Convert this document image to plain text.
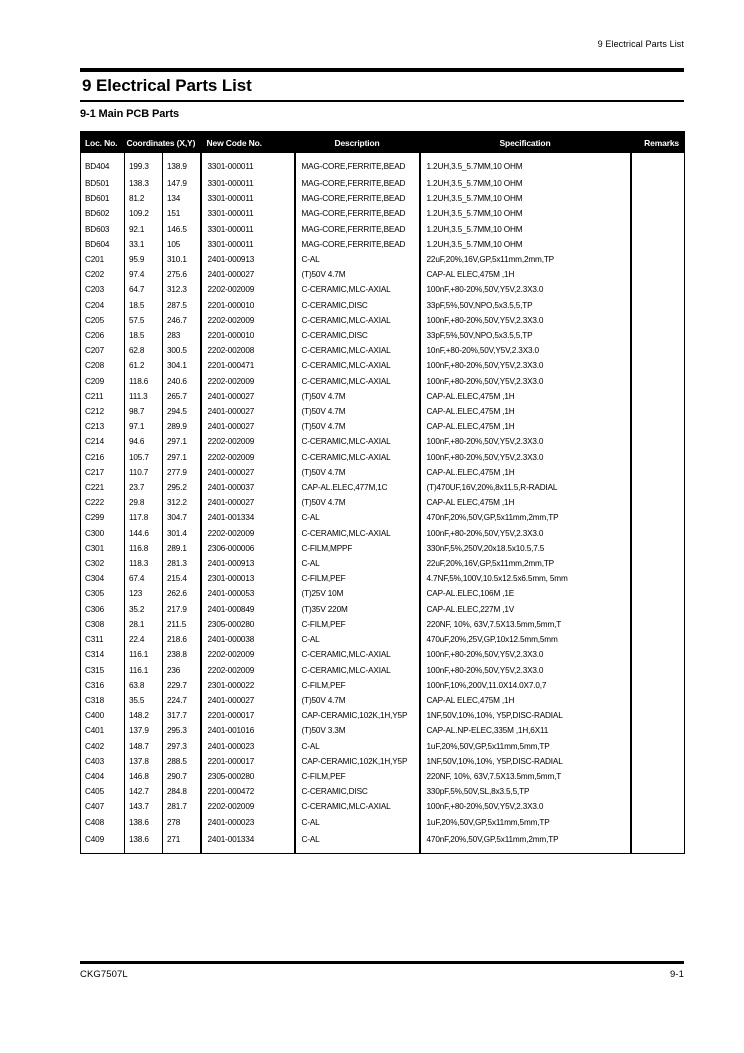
9 Electrical Parts List
9 Electrical Parts List
9-1 Main PCB Parts
Loc. No.	Coordinates (X,Y)		New Code No.	Description	Specification	Remarks
BD404	199.3	138.9	3301-000011	MAG-CORE,FERRITE,BEAD	1.2UH,3.5_5.7MM,10 OHM	
BD501	138.3	147.9	3301-000011	MAG-CORE,FERRITE,BEAD	1.2UH,3.5_5.7MM,10 OHM	
BD601	81.2	134	3301-000011	MAG-CORE,FERRITE,BEAD	1.2UH,3.5_5.7MM,10 OHM	
BD602	109.2	151	3301-000011	MAG-CORE,FERRITE,BEAD	1.2UH,3.5_5.7MM,10 OHM	
BD603	92.1	146.5	3301-000011	MAG-CORE,FERRITE,BEAD	1.2UH,3.5_5.7MM,10 OHM	
BD604	33.1	105	3301-000011	MAG-CORE,FERRITE,BEAD	1.2UH,3.5_5.7MM,10 OHM	
C201	95.9	310.1	2401-000913	C-AL	22uF,20%,16V,GP,5x11mm,2mm,TP	
C202	97.4	275.6	2401-000027	(T)50V 4.7M	CAP-AL ELEC,475M ,1H	
C203	64.7	312.3	2202-002009	C-CERAMIC,MLC-AXIAL	100nF,+80-20%,50V,Y5V,2.3X3.0	
C204	18.5	287.5	2201-000010	C-CERAMIC,DISC	33pF,5%,50V,NPO,5x3.5,5,TP	
C205	57.5	246.7	2202-002009	C-CERAMIC,MLC-AXIAL	100nF,+80-20%,50V,Y5V,2.3X3.0	
C206	18.5	283	2201-000010	C-CERAMIC,DISC	33pF,5%,50V,NPO,5x3.5,5,TP	
C207	62.8	300.5	2202-002008	C-CERAMIC,MLC-AXIAL	10nF,+80-20%,50V,Y5V,2.3X3.0	
C208	61.2	304.1	2201-000471	C-CERAMIC,MLC-AXIAL	100nF,+80-20%,50V,Y5V,2.3X3.0	
C209	118.6	240.6	2202-002009	C-CERAMIC,MLC-AXIAL	100nF,+80-20%,50V,Y5V,2.3X3.0	
C211	111.3	265.7	2401-000027	(T)50V 4.7M	CAP-AL.ELEC,475M ,1H	
C212	98.7	294.5	2401-000027	(T)50V 4.7M	CAP-AL.ELEC,475M ,1H	
C213	97.1	289.9	2401-000027	(T)50V 4.7M	CAP-AL.ELEC,475M ,1H	
C214	94.6	297.1	2202-002009	C-CERAMIC,MLC-AXIAL	100nF,+80-20%,50V,Y5V,2.3X3.0	
C216	105.7	297.1	2202-002009	C-CERAMIC,MLC-AXIAL	100nF,+80-20%,50V,Y5V,2.3X3.0	
C217	110.7	277.9	2401-000027	(T)50V 4.7M	CAP-AL.ELEC,475M ,1H	
C221	23.7	295.2	2401-000037	CAP-AL.ELEC,477M,1C	(T)470UF,16V,20%,8x11.5,R-RADIAL	
C222	29.8	312.2	2401-000027	(T)50V 4.7M	CAP-AL ELEC,475M ,1H	
C299	117.8	304.7	2401-001334	C-AL	470nF,20%,50V,GP,5x11mm,2mm,TP	
C300	144.6	301.4	2202-002009	C-CERAMIC,MLC-AXIAL	100nF,+80-20%,50V,Y5V,2.3X3.0	
C301	116.8	289.1	2306-000006	C-FILM,MPPF	330nF,5%,250V,20x18.5x10.5,7.5	
C302	118.3	281.3	2401-000913	C-AL	22uF,20%,16V,GP,5x11mm,2mm,TP	
C304	67.4	215.4	2301-000013	C-FILM,PEF	4.7NF,5%,100V,10.5x12.5x6.5mm, 5mm	
C305	123	262.6	2401-000053	(T)25V 10M	CAP-AL.ELEC,106M ,1E	
C306	35.2	217.9	2401-000849	(T)35V 220M	CAP-AL.ELEC,227M ,1V	
C308	28.1	211.5	2305-000280	C-FILM,PEF	220NF, 10%, 63V,7.5X13.5mm,5mm,T	
C311	22.4	218.6	2401-000038	C-AL	470uF,20%,25V,GP,10x12.5mm,5mm	
C314	116.1	238.8	2202-002009	C-CERAMIC,MLC-AXIAL	100nF,+80-20%,50V,Y5V,2.3X3.0	
C315	116.1	236	2202-002009	C-CERAMIC,MLC-AXIAL	100nF,+80-20%,50V,Y5V,2.3X3.0	
C316	63.8	229.7	2301-000022	C-FILM,PEF	100nF,10%,200V,11.0X14.0X7.0,7	
C318	35.5	224.7	2401-000027	(T)50V 4.7M	CAP-AL ELEC,475M ,1H	
C400	148.2	317.7	2201-000017	CAP-CERAMIC,102K,1H,Y5P	1NF,50V,10%,10%, Y5P,DISC-RADIAL	
C401	137.9	295.3	2401-001016	(T)50V 3.3M	CAP-AL.NP-ELEC,335M ,1H,6X11	
C402	148.7	297.3	2401-000023	C-AL	1uF,20%,50V,GP,5x11mm,5mm,TP	
C403	137.8	288.5	2201-000017	CAP-CERAMIC,102K,1H,Y5P	1NF,50V,10%,10%, Y5P,DISC-RADIAL	
C404	146.8	290.7	2305-000280	C-FILM,PEF	220NF, 10%, 63V,7.5X13.5mm,5mm,T	
C405	142.7	284.8	2201-000472	C-CERAMIC,DISC	330pF,5%,50V,SL,8x3.5,5,TP	
C407	143.7	281.7	2202-002009	C-CERAMIC,MLC-AXIAL	100nF,+80-20%,50V,Y5V,2.3X3.0	
C408	138.6	278	2401-000023	C-AL	1uF,20%,50V,GP,5x11mm,5mm,TP	
C409	138.6	271	2401-001334	C-AL	470nF,20%,50V,GP,5x11mm,2mm,TP	
CKG7507L	9-1
